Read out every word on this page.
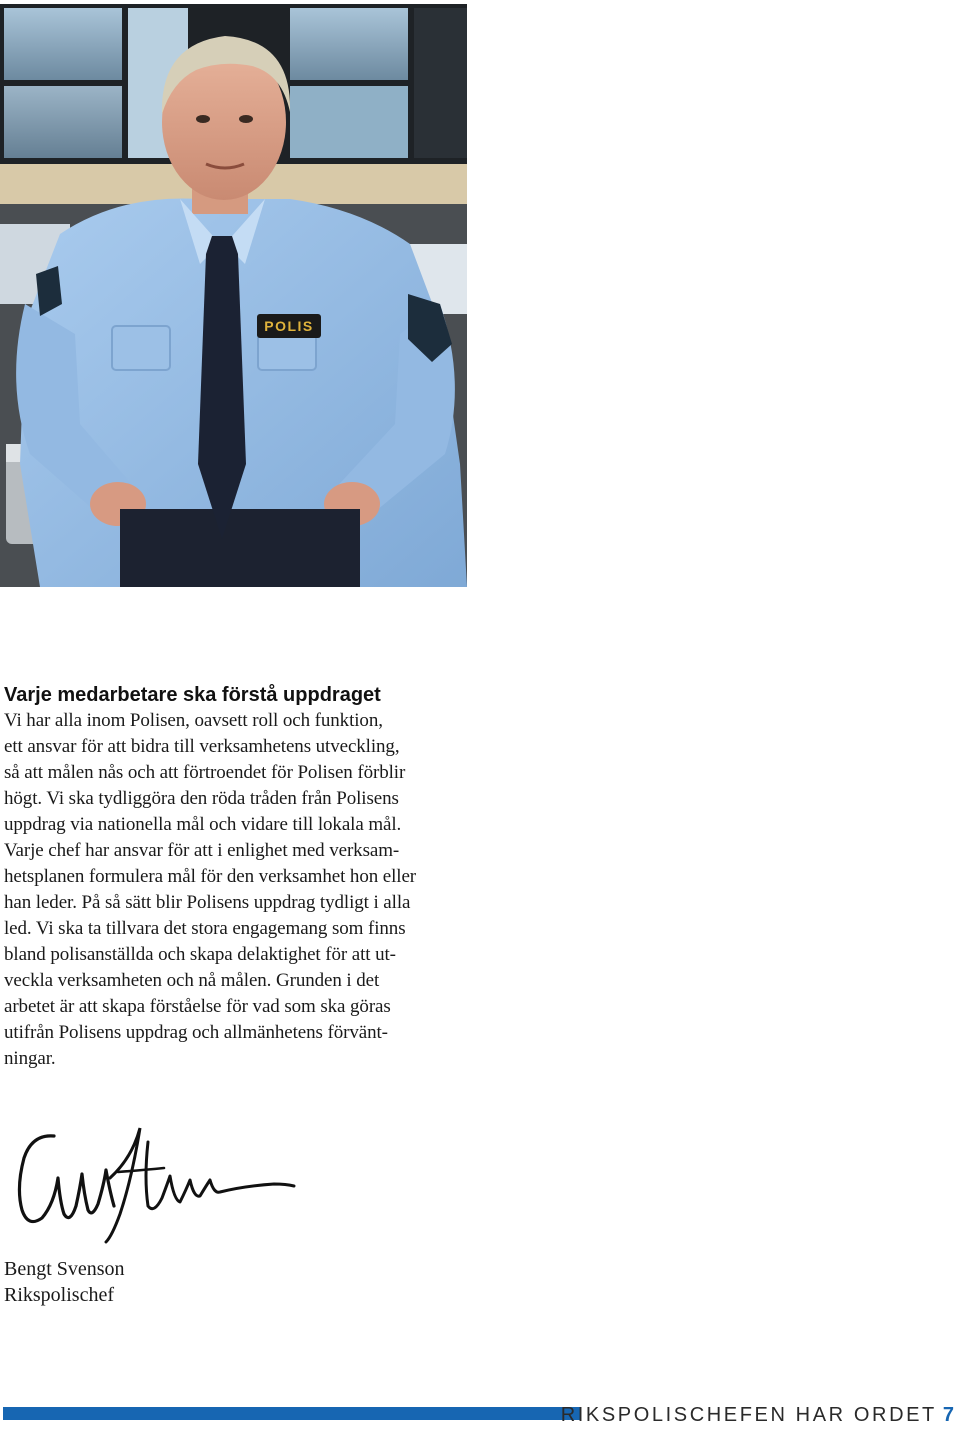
POLIS
Varje medarbetare ska förstå uppdraget
Vi har alla inom Polisen, oavsett roll och funktion,
ett ansvar för att bidra till verksamhetens utveckling,
så att målen nås och att förtroendet för Polisen förblir
högt. Vi ska tydliggöra den röda tråden från Polisens
uppdrag via nationella mål och vidare till lokala mål.
Varje chef har ansvar för att i enlighet med verksam-
hetsplanen formulera mål för den verksamhet hon eller
han leder. På så sätt blir Polisens uppdrag tydligt i alla
led. Vi ska ta tillvara det stora engagemang som finns
bland polisanställda och skapa delaktighet för att ut-
veckla verksamheten och nå målen. Grunden i det
arbetet är att skapa förståelse för vad som ska göras
utifrån Polisens uppdrag och allmänhetens förvänt-
ningar.
Bengt Svenson
Rikspolischef
RIKSPOLISCHEFEN HAR ORDET 7
